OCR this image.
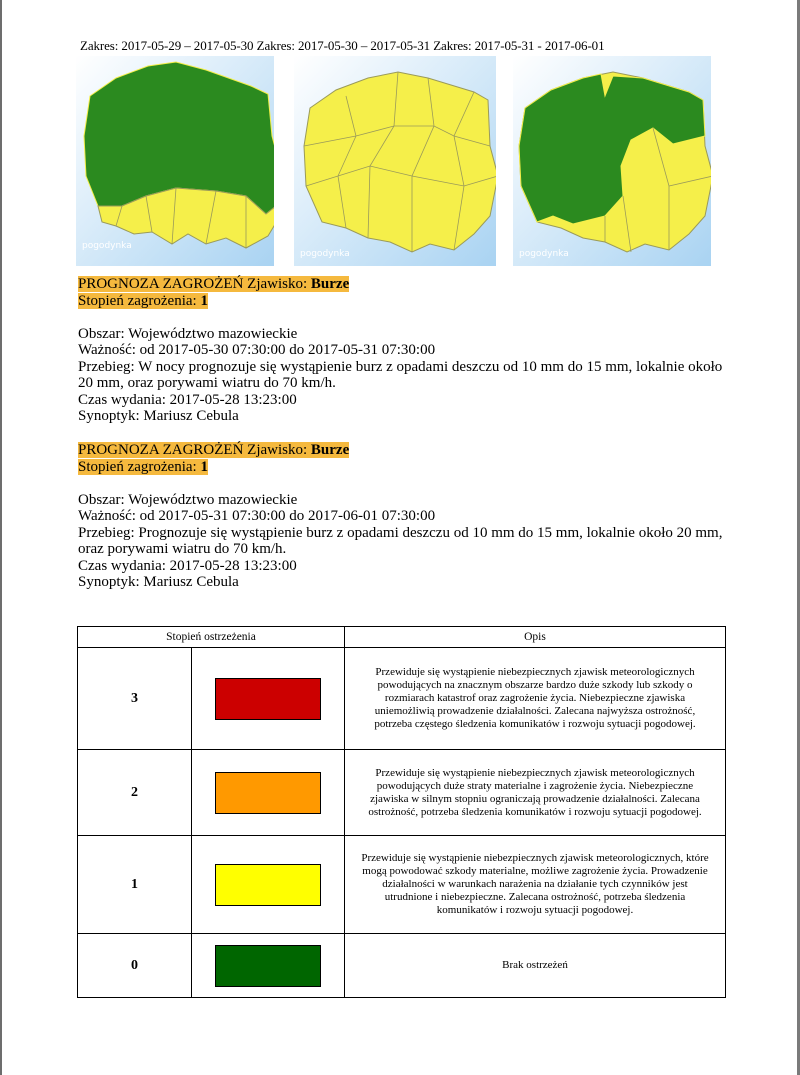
Zakres: 2017-05-29 – 2017-05-30 Zakres: 2017-05-30 – 2017-05-31 Zakres: 2017-05-31 - 2017-06-01
pogodynka
pogodynka	pogodynka
PROGNOZA ZAGROŻEŃ Zjawisko: Burze
Stopień zagrożenia: 1

Obszar: Województwo mazowieckie
Ważność: od 2017-05-30 07:30:00 do 2017-05-31 07:30:00
Przebieg: W nocy prognozuje się wystąpienie burz z opadami deszczu od 10 mm do 15 mm, lokalnie około 20 mm, oraz porywami wiatru do 70 km/h.
Czas wydania: 2017-05-28 13:23:00
Synoptyk: Mariusz Cebula
PROGNOZA ZAGROŻEŃ Zjawisko: Burze
Stopień zagrożenia: 1

Obszar: Województwo mazowieckie
Ważność: od 2017-05-31 07:30:00 do 2017-06-01 07:30:00
Przebieg: Prognozuje się wystąpienie burz z opadami deszczu od 10 mm do 15 mm, lokalnie około 20 mm, oraz porywami wiatru do 70 km/h.
Czas wydania: 2017-05-28 13:23:00
Synoptyk: Mariusz Cebula
Stopień ostrzeżenia		Opis
3		Przewiduje się wystąpienie niebezpiecznych zjawisk meteorologicznych powodujących na znacznym obszarze bardzo duże szkody lub szkody o rozmiarach katastrof oraz zagrożenie życia. Niebezpieczne zjawiska uniemożliwią prowadzenie działalności. Zalecana najwyższa ostrożność, potrzeba częstego śledzenia komunikatów i rozwoju sytuacji pogodowej.
2		Przewiduje się wystąpienie niebezpiecznych zjawisk meteorologicznych powodujących duże straty materialne i zagrożenie życia. Niebezpieczne zjawiska w silnym stopniu ograniczają prowadzenie działalności. Zalecana ostrożność, potrzeba śledzenia komunikatów i rozwoju sytuacji pogodowej.
1		Przewiduje się wystąpienie niebezpiecznych zjawisk meteorologicznych, które mogą powodować szkody materialne, możliwe zagrożenie życia. Prowadzenie działalności w warunkach narażenia na działanie tych czynników jest utrudnione i niebezpieczne. Zalecana ostrożność, potrzeba śledzenia komunikatów i rozwoju sytuacji pogodowej.
0		Brak ostrzeżeń
